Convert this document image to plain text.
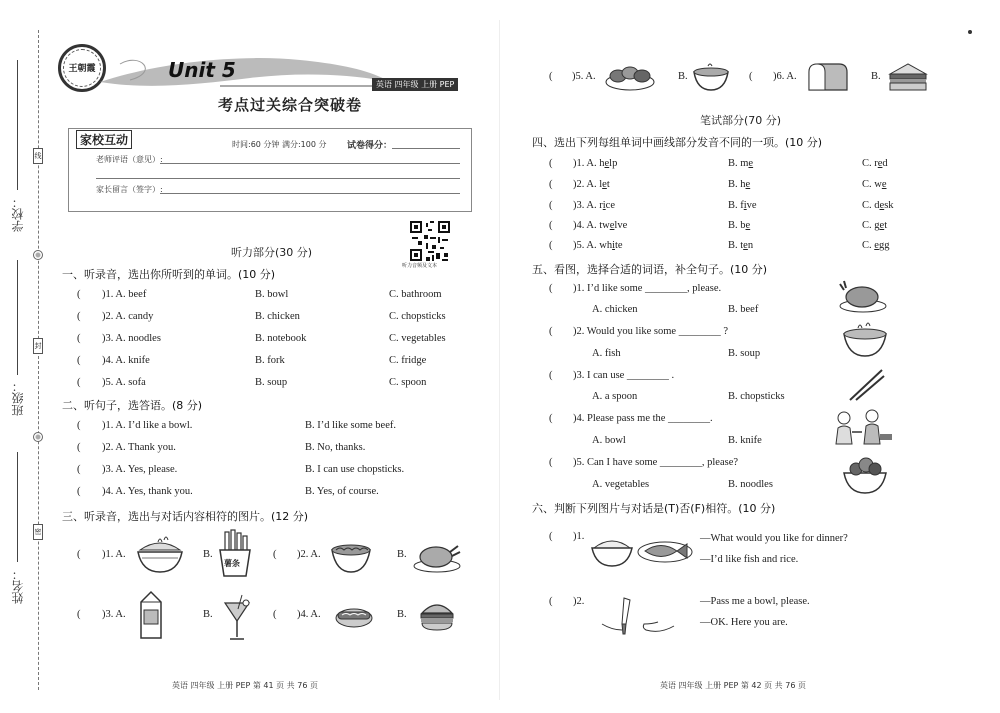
线
封
密
学校：
班级：
姓名：
王朝霞	Unit 5
考点过关综合突破卷
英语 四年级 上册 PEP
家校互动	时间:60 分钟 满分:100 分 试卷得分：
老师评语（意见）:
家长留言（签字）:
听力音频及文本
听力部分(30 分)
一、听录音，选出你所听到的单词。(10 分)
( )1. A. beef	B. bowl	C. bathroom
( )2. A. candy	B. chicken	C. chopsticks
( )3. A. noodles	B. notebook	C. vegetables
( )4. A. knife	B. fork	C. fridge
( )5. A. sofa	B. soup	C. spoon
二、听句子，选答语。(8 分)
( )1. A. I’d like a bowl.	B. I’d like some beef.
( )2. A. Thank you.	B. No, thanks.
( )3. A. Yes, please.	B. I can use chopsticks.
( )4. A. Yes, thank you.	B. Yes, of course.
三、听录音，选出与对话内容相符的图片。(12 分)
( )1. A.	B.
薯条
( )2. A.	B.
( )3. A.	B.	( )4. A.	B.
英语 四年级 上册 PEP 第 41 页 共 76 页
( )5. A.	B.	( )6. A.	B.
笔试部分(70 分)
四、选出下列每组单词中画线部分发音不同的一项。(10 分)
( )1. A. help	B. me	C. red
( )2. A. let	B. he	C. we
( )3. A. rice	B. five	C. desk
( )4. A. twelve	B. be	C. get
( )5. A. white	B. ten	C. egg
五、看图，选择合适的词语，补全句子。(10 分)
( )1. I’d like some ________, please.
A. chicken	B. beef
( )2. Would you like some ________ ?
A. fish	B. soup
( )3. I can use ________ .
A. a spoon	B. chopsticks
( )4. Please pass me the ________.
A. bowl	B. knife
( )5. Can I have some ________, please?
A. vegetables	B. noodles
六、判断下列图片与对话是(T)否(F)相符。(10 分)
( )1.	—What would you like for dinner?
—I’d like fish and rice.
( )2.	—Pass me a bowl, please.
—OK. Here you are.
英语 四年级 上册 PEP 第 42 页 共 76 页
